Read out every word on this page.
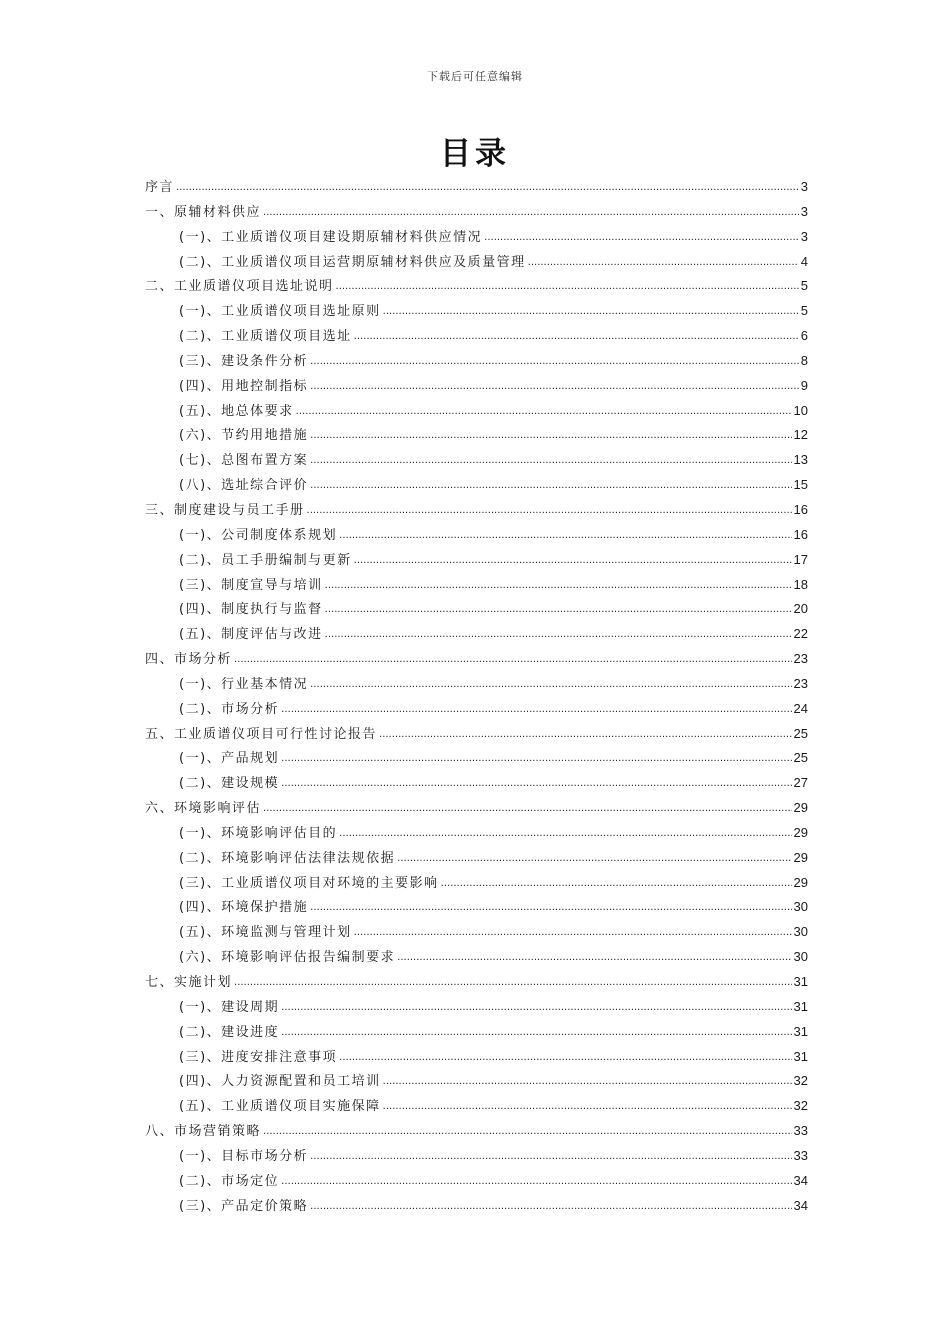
下载后可任意编辑
目录
序言 .....	3
一、原辅材料供应 .....	3
(一)、工业质谱仪项目建设期原辅材料供应情况 .....	3
(二)、工业质谱仪项目运营期原辅材料供应及质量管理 .....	4
二、工业质谱仪项目选址说明 .....	5
(一)、工业质谱仪项目选址原则 .....	5
(二)、工业质谱仪项目选址 .....	6
(三)、建设条件分析 .....	8
(四)、用地控制指标 .....	9
(五)、地总体要求 .....	10
(六)、节约用地措施 .....	12
(七)、总图布置方案 .....	13
(八)、选址综合评价 .....	15
三、制度建设与员工手册 .....	16
(一)、公司制度体系规划 .....	16
(二)、员工手册编制与更新 .....	17
(三)、制度宣导与培训 .....	18
(四)、制度执行与监督 .....	20
(五)、制度评估与改进 .....	22
四、市场分析 .....	23
(一)、行业基本情况 .....	23
(二)、市场分析 .....	24
五、工业质谱仪项目可行性讨论报告 .....	25
(一)、产品规划 .....	25
(二)、建设规模 .....	27
六、环境影响评估 .....	29
(一)、环境影响评估目的 .....	29
(二)、环境影响评估法律法规依据 .....	29
(三)、工业质谱仪项目对环境的主要影响 .....	29
(四)、环境保护措施 .....	30
(五)、环境监测与管理计划 .....	30
(六)、环境影响评估报告编制要求 .....	30
七、实施计划 .....	31
(一)、建设周期 .....	31
(二)、建设进度 .....	31
(三)、进度安排注意事项 .....	31
(四)、人力资源配置和员工培训 .....	32
(五)、工业质谱仪项目实施保障 .....	32
八、市场营销策略 .....	33
(一)、目标市场分析 .....	33
(二)、市场定位 .....	34
(三)、产品定价策略 .....	34
